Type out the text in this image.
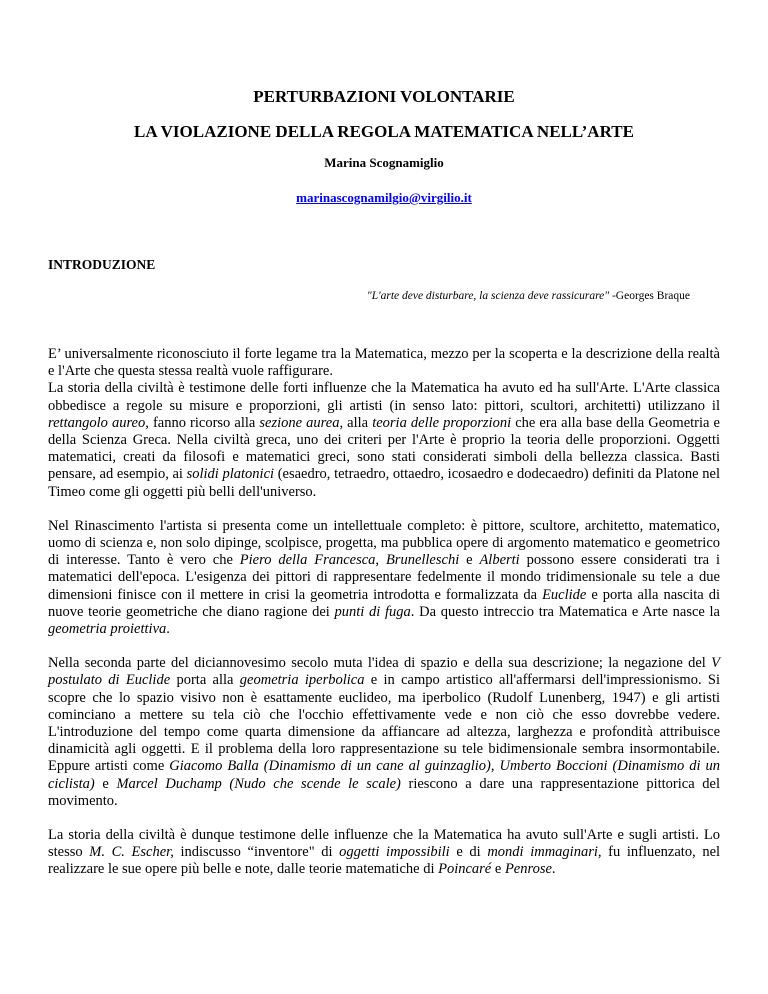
PERTURBAZIONI VOLONTARIE
LA VIOLAZIONE DELLA REGOLA MATEMATICA NELL’ARTE
Marina Scognamiglio
marinascognamilgio@virgilio.it
INTRODUZIONE
"L'arte deve disturbare, la scienza deve rassicurare" -Georges Braque

E’ universalmente riconosciuto il forte legame tra la Matematica, mezzo per la scoperta e la descrizione della realtà e l'Arte che questa stessa realtà vuole raffigurare.

La storia della civiltà è testimone delle forti influenze che la Matematica ha avuto ed ha sull'Arte. L'Arte classica obbedisce a regole su misure e proporzioni, gli artisti (in senso lato: pittori, scultori, architetti) utilizzano il rettangolo aureo, fanno ricorso alla sezione aurea, alla teoria delle proporzioni che era alla base della Geometria e della Scienza Greca. Nella civiltà greca, uno dei criteri per l'Arte è proprio la teoria delle proporzioni. Oggetti matematici, creati da filosofi e matematici greci, sono stati considerati simboli della bellezza classica. Basti pensare, ad esempio, ai solidi platonici (esaedro, tetraedro, ottaedro, icosaedro e dodecaedro) definiti da Platone nel Timeo come gli oggetti più belli dell'universo.

Nel Rinascimento l'artista si presenta come un intellettuale completo: è pittore, scultore, architetto, matematico, uomo di scienza e, non solo dipinge, scolpisce, progetta, ma pubblica opere di argomento matematico e geometrico di interesse. Tanto è vero che Piero della Francesca, Brunelleschi e Alberti possono essere considerati tra i matematici dell'epoca. L'esigenza dei pittori di rappresentare fedelmente il mondo tridimensionale su tele a due dimensioni finisce con il mettere in crisi la geometria introdotta e formalizzata da Euclide e porta alla nascita di nuove teorie geometriche che diano ragione dei punti di fuga. Da questo intreccio tra Matematica e Arte nasce la geometria proiettiva.

Nella seconda parte del diciannovesimo secolo muta l'idea di spazio e della sua descrizione; la negazione del V postulato di Euclide porta alla geometria iperbolica e in campo artistico all'affermarsi dell'impressionismo. Si scopre che lo spazio visivo non è esattamente euclideo, ma iperbolico (Rudolf Lunenberg, 1947) e gli artisti cominciano a mettere su tela ciò che l'occhio effettivamente vede e non ciò che esso dovrebbe vedere. L'introduzione del tempo come quarta dimensione da affiancare ad altezza, larghezza e profondità attribuisce dinamicità agli oggetti. E il problema della loro rappresentazione su tele bidimensionale sembra insormontabile. Eppure artisti come Giacomo Balla (Dinamismo di un cane al guinzaglio), Umberto Boccioni (Dinamismo di un ciclista) e Marcel Duchamp (Nudo che scende le scale) riescono a dare una rappresentazione pittorica del movimento.

La storia della civiltà è dunque testimone delle influenze che la Matematica ha avuto sull'Arte e sugli artisti. Lo stesso M. C. Escher, indiscusso “inventore" di oggetti impossibili e di mondi immaginari, fu influenzato, nel realizzare le sue opere più belle e note, dalle teorie matematiche di Poincaré e Penrose.
